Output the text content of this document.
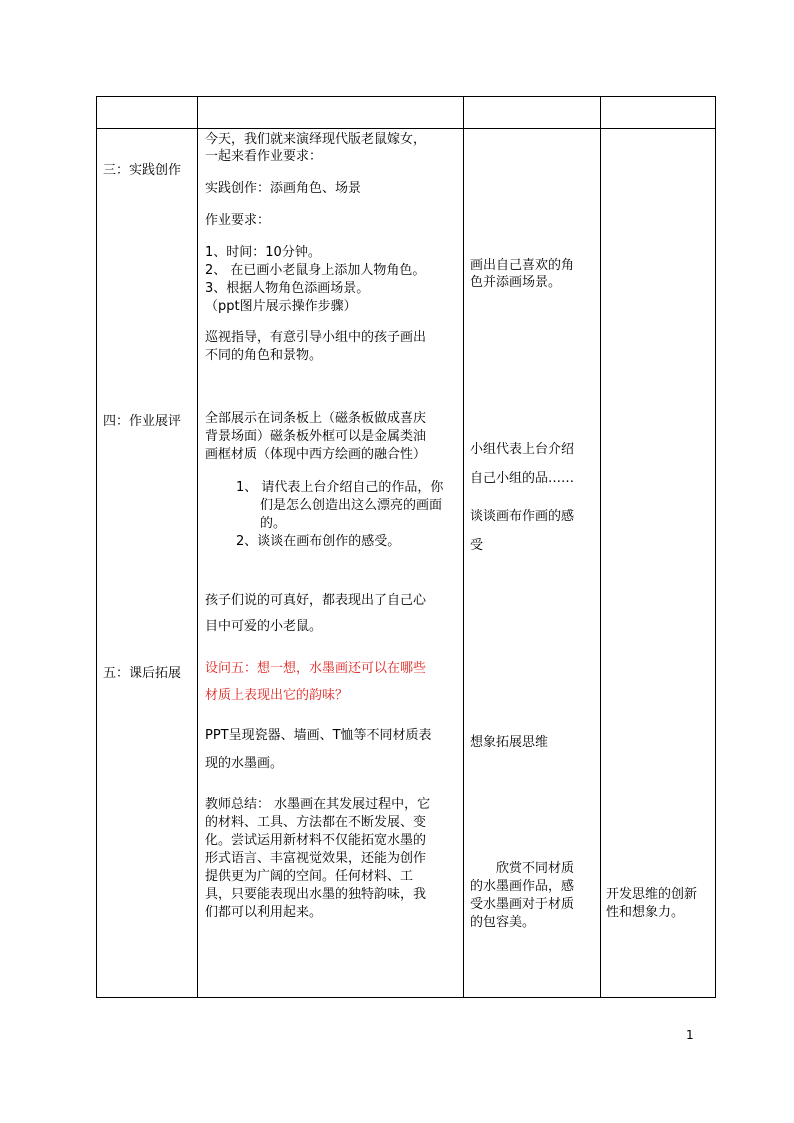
三：实践创作
今天，我们就来演绎现代版老鼠嫁女，
一起来看作业要求：
实践创作：添画角色、场景
作业要求：
1、时间：10分钟。
2、 在已画小老鼠身上添加人物角色。
3、根据人物角色添画场景。
（ppt图片展示操作步骤）
巡视指导，有意引导小组中的孩子画出
不同的角色和景物。
画出自己喜欢的角
色并添画场景。
四：作业展评 全部展示在词条板上（磁条板做成喜庆
背景场面）磁条板外框可以是金属类油
画框材质（体现中西方绘画的融合性）
1、 请代表上台介绍自己的作品，你
们是怎么创造出这么漂亮的画面
的。
2、谈谈在画布创作的感受。
小组代表上台介绍
自己小组的品……
谈谈画布作画的感
受
五：课后拓展
孩子们说的可真好，都表现出了自己心
目中可爱的小老鼠。
设问五：想一想，水墨画还可以在哪些
材质上表现出它的韵味？
PPT呈现瓷器、墙画、T恤等不同材质表
现的水墨画。
教师总结： 水墨画在其发展过程中，它
的材料、工具、方法都在不断发展、变
化。尝试运用新材料不仅能拓宽水墨的
形式语言、丰富视觉效果，还能为创作
提供更为广阔的空间。任何材料、工
具，只要能表现出水墨的独特韵味，我
们都可以利用起来。
想象拓展思维
欣赏不同材质
的水墨画作品，感
受水墨画对于材质
的包容美。
开发思维的创新
性和想象力。
1
